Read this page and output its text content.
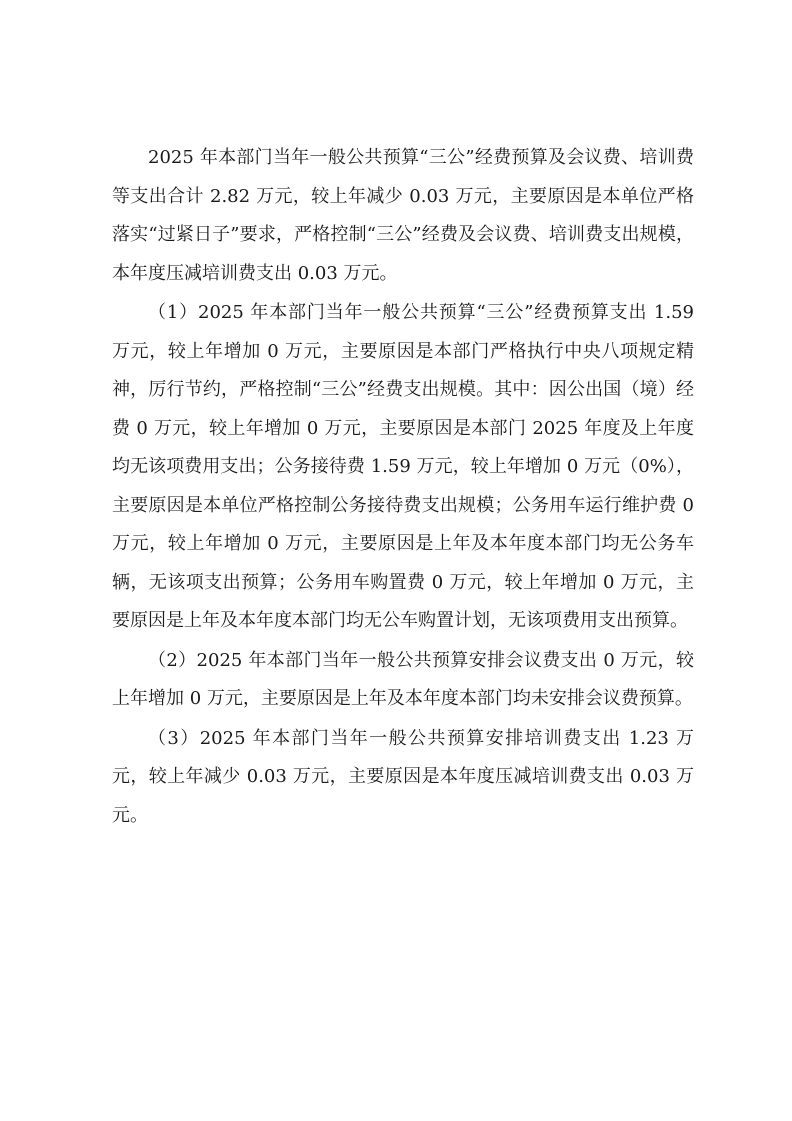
2025 年本部门当年一般公共预算“三公”经费预算及会议费、培训费等支出合计 2.82 万元，较上年减少 0.03 万元，主要原因是本单位严格落实“过紧日子”要求，严格控制“三公”经费及会议费、培训费支出规模，本年度压减培训费支出 0.03 万元。

（1）2025 年本部门当年一般公共预算“三公”经费预算支出 1.59 万元，较上年增加 0 万元，主要原因是本部门严格执行中央八项规定精神，厉行节约，严格控制“三公”经费支出规模。其中：因公出国（境）经费 0 万元，较上年增加 0 万元，主要原因是本部门 2025 年度及上年度均无该项费用支出；公务接待费 1.59 万元，较上年增加 0 万元（0%），主要原因是本单位严格控制公务接待费支出规模；公务用车运行维护费 0 万元，较上年增加 0 万元，主要原因是上年及本年度本部门均无公务车辆，无该项支出预算；公务用车购置费 0 万元，较上年增加 0 万元，主要原因是上年及本年度本部门均无公车购置计划，无该项费用支出预算。

（2）2025 年本部门当年一般公共预算安排会议费支出 0 万元，较上年增加 0 万元，主要原因是上年及本年度本部门均未安排会议费预算。

（3）2025 年本部门当年一般公共预算安排培训费支出 1.23 万元，较上年减少 0.03 万元，主要原因是本年度压减培训费支出 0.03 万元。
